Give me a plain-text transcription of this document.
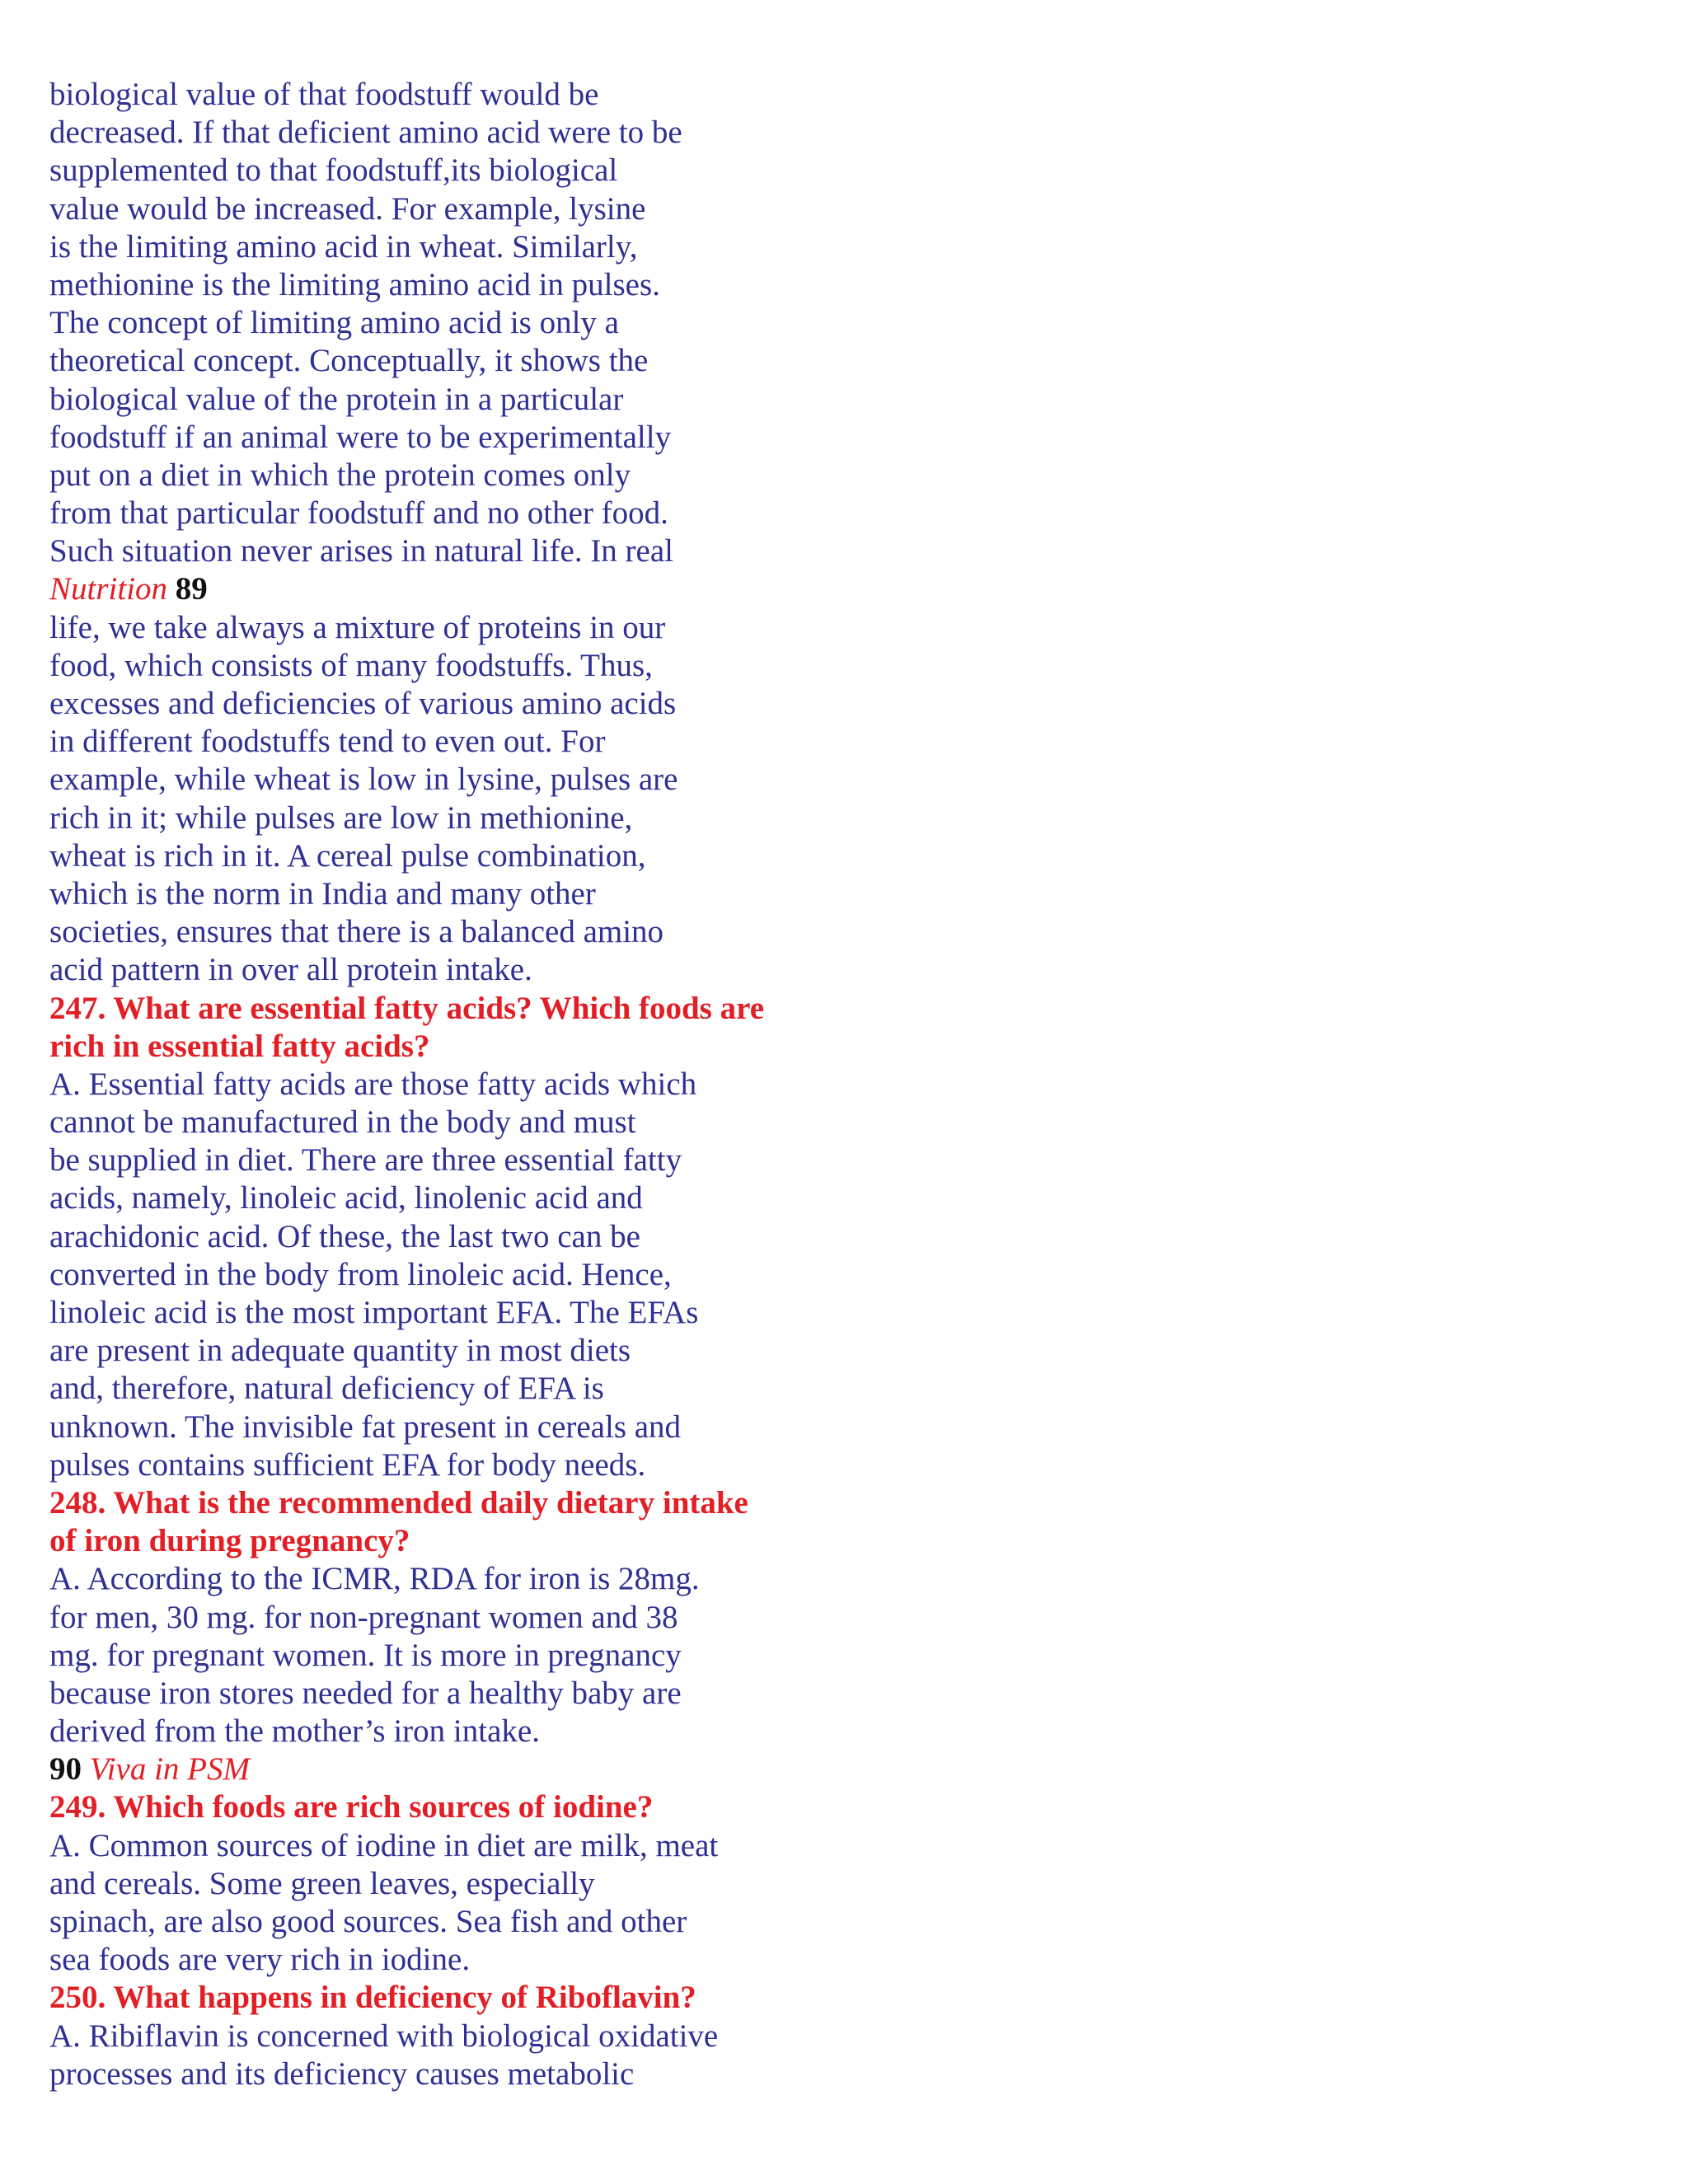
biological value of that foodstuff would be
decreased. If that deficient amino acid were to be
supplemented to that foodstuff,its biological
value would be increased. For example, lysine
is the limiting amino acid in wheat. Similarly,
methionine is the limiting amino acid in pulses.
The concept of limiting amino acid is only a
theoretical concept. Conceptually, it shows the
biological value of the protein in a particular
foodstuff if an animal were to be experimentally
put on a diet in which the protein comes only
from that particular foodstuff and no other food.
Such situation never arises in natural life. In real
Nutrition 89
life, we take always a mixture of proteins in our
food, which consists of many foodstuffs. Thus,
excesses and deficiencies of various amino acids
in different foodstuffs tend to even out. For
example, while wheat is low in lysine, pulses are
rich in it; while pulses are low in methionine,
wheat is rich in it. A cereal pulse combination,
which is the norm in India and many other
societies, ensures that there is a balanced amino
acid pattern in over all protein intake.
247. What are essential fatty acids? Which foods are
rich in essential fatty acids?
A. Essential fatty acids are those fatty acids which
cannot be manufactured in the body and must
be supplied in diet. There are three essential fatty
acids, namely, linoleic acid, linolenic acid and
arachidonic acid. Of these, the last two can be
converted in the body from linoleic acid. Hence,
linoleic acid is the most important EFA. The EFAs
are present in adequate quantity in most diets
and, therefore, natural deficiency of EFA is
unknown. The invisible fat present in cereals and
pulses contains sufficient EFA for body needs.
248. What is the recommended daily dietary intake
of iron during pregnancy?
A. According to the ICMR, RDA for iron is 28mg.
for men, 30 mg. for non-pregnant women and 38
mg. for pregnant women. It is more in pregnancy
because iron stores needed for a healthy baby are
derived from the mother’s iron intake.
90 Viva in PSM
249. Which foods are rich sources of iodine?
A. Common sources of iodine in diet are milk, meat
and cereals. Some green leaves, especially
spinach, are also good sources. Sea fish and other
sea foods are very rich in iodine.
250. What happens in deficiency of Riboflavin?
A. Ribiflavin is concerned with biological oxidative
processes and its deficiency causes metabolic
